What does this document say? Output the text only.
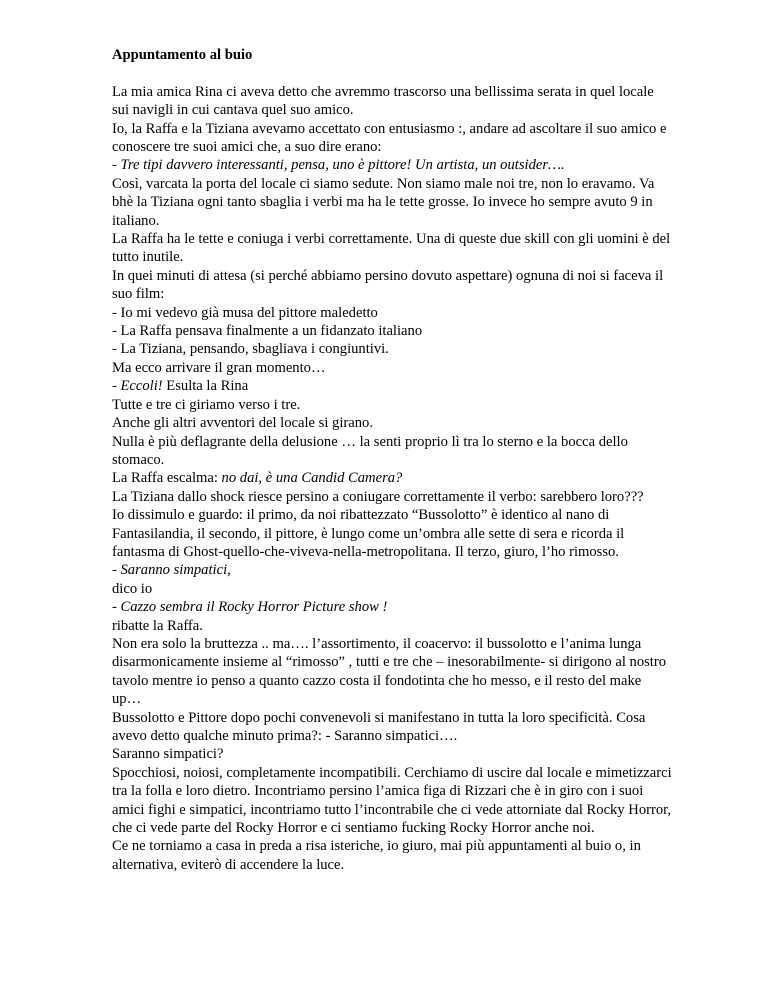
Appuntamento al buio
La mia amica Rina ci aveva detto che avremmo trascorso una bellissima serata in quel locale sui navigli in cui cantava quel suo amico.
Io, la Raffa e la Tiziana avevamo accettato con entusiasmo :, andare ad ascoltare il suo amico e conoscere tre suoi amici che, a suo dire erano:
- Tre tipi davvero interessanti, pensa, uno è pittore! Un artista, un outsider….
Così, varcata la porta del locale ci siamo sedute. Non siamo male noi tre, non lo eravamo. Va bhè la Tiziana ogni tanto sbaglia i verbi ma ha le tette grosse. Io invece ho sempre avuto 9 in italiano.
La Raffa ha le tette e coniuga i verbi correttamente. Una di queste due skill con gli uomini è del tutto inutile.
In quei minuti di attesa (si perché abbiamo persino dovuto aspettare) ognuna di noi si faceva il suo film:
- Io mi vedevo già musa del pittore maledetto
- La Raffa pensava finalmente a un fidanzato italiano
- La Tiziana, pensando, sbagliava i congiuntivi.
Ma ecco arrivare il gran momento…
- Eccoli! Esulta la Rina
Tutte e tre ci giriamo verso i tre.
Anche gli altri avventori del locale si girano.
Nulla è più deflagrante della delusione … la senti proprio lì tra lo sterno e la bocca dello stomaco.
La Raffa escalma: no dai, è una Candid Camera?
La Tiziana dallo shock riesce persino a coniugare correttamente il verbo: sarebbero loro???
Io dissimulo e guardo: il primo, da noi ribattezzato “Bussolotto” è identico al nano di Fantasilandia, il secondo, il pittore, è lungo come un’ombra alle sette di sera e ricorda il fantasma di Ghost-quello-che-viveva-nella-metropolitana. Il terzo, giuro, l’ho rimosso.
- Saranno simpatici,
dico io
- Cazzo sembra il Rocky Horror Picture show !
ribatte la Raffa.
Non era solo la bruttezza .. ma…. l’assortimento, il coacervo: il bussolotto e l’anima lunga disarmonicamente insieme al “rimosso” , tutti e tre che – inesorabilmente- si dirigono al nostro tavolo mentre io penso a quanto cazzo costa il fondotinta che ho messo, e il resto del make up…
Bussolotto e Pittore dopo pochi convenevoli si manifestano in tutta la loro specificità. Cosa avevo detto qualche minuto prima?: - Saranno simpatici….
Saranno simpatici?
Spocchiosi, noiosi, completamente incompatibili. Cerchiamo di uscire dal locale e mimetizzarci tra la folla e loro dietro. Incontriamo persino l’amica figa di Rizzari che è in giro con i suoi amici fighi e simpatici, incontriamo tutto l’incontrabile che ci vede attorniate dal Rocky Horror, che ci vede parte del Rocky Horror e ci sentiamo fucking Rocky Horror anche noi.
Ce ne torniamo a casa in preda a risa isteriche, io giuro, mai più appuntamenti al buio o, in alternativa, eviterò di accendere la luce.
